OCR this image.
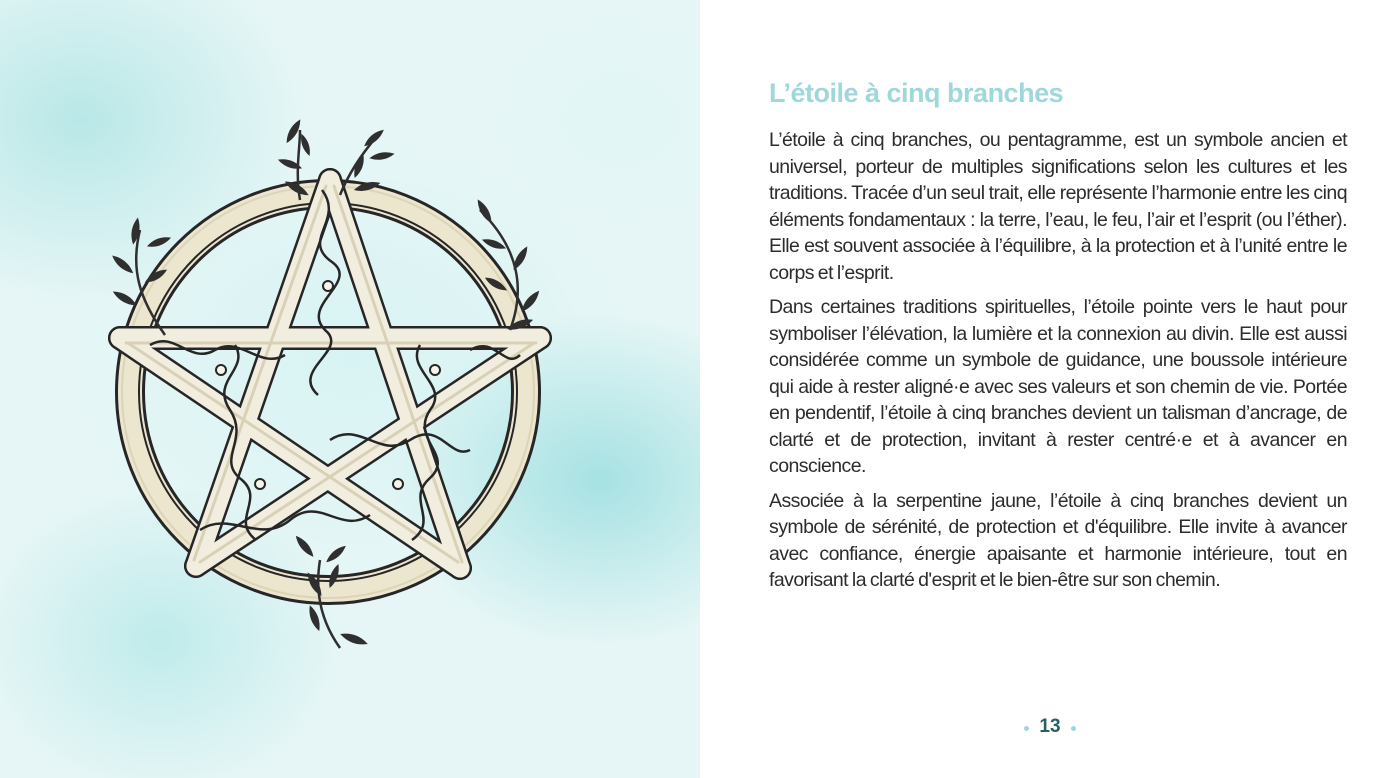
L’étoile à cinq branches

L’étoile à cinq branches, ou pentagramme, est un symbole ancien et universel, porteur de multiples significations selon les cultures et les traditions. Tracée d’un seul trait, elle représente l’harmonie entre les cinq éléments fondamentaux : la terre, l’eau, le feu, l’air et l’esprit (ou l’éther). Elle est souvent associée à l’équilibre, à la protection et à l’unité entre le corps et l’esprit.

Dans certaines traditions spirituelles, l’étoile pointe vers le haut pour symboliser l’élévation, la lumière et la connexion au divin. Elle est aussi considérée comme un symbole de guidance, une boussole intérieure qui aide à rester aligné·e avec ses valeurs et son chemin de vie. Portée en pendentif, l’étoile à cinq branches devient un talisman d’ancrage, de clarté et de protection, invitant à rester centré·e et à avancer en conscience.

Associée à la serpentine jaune, l’étoile à cinq branches devient un symbole de sérénité, de protection et d'équilibre. Elle invite à avancer avec confiance, énergie apaisante et harmonie intérieure, tout en favorisant la clarté d'esprit et le bien-être sur son chemin.

13
